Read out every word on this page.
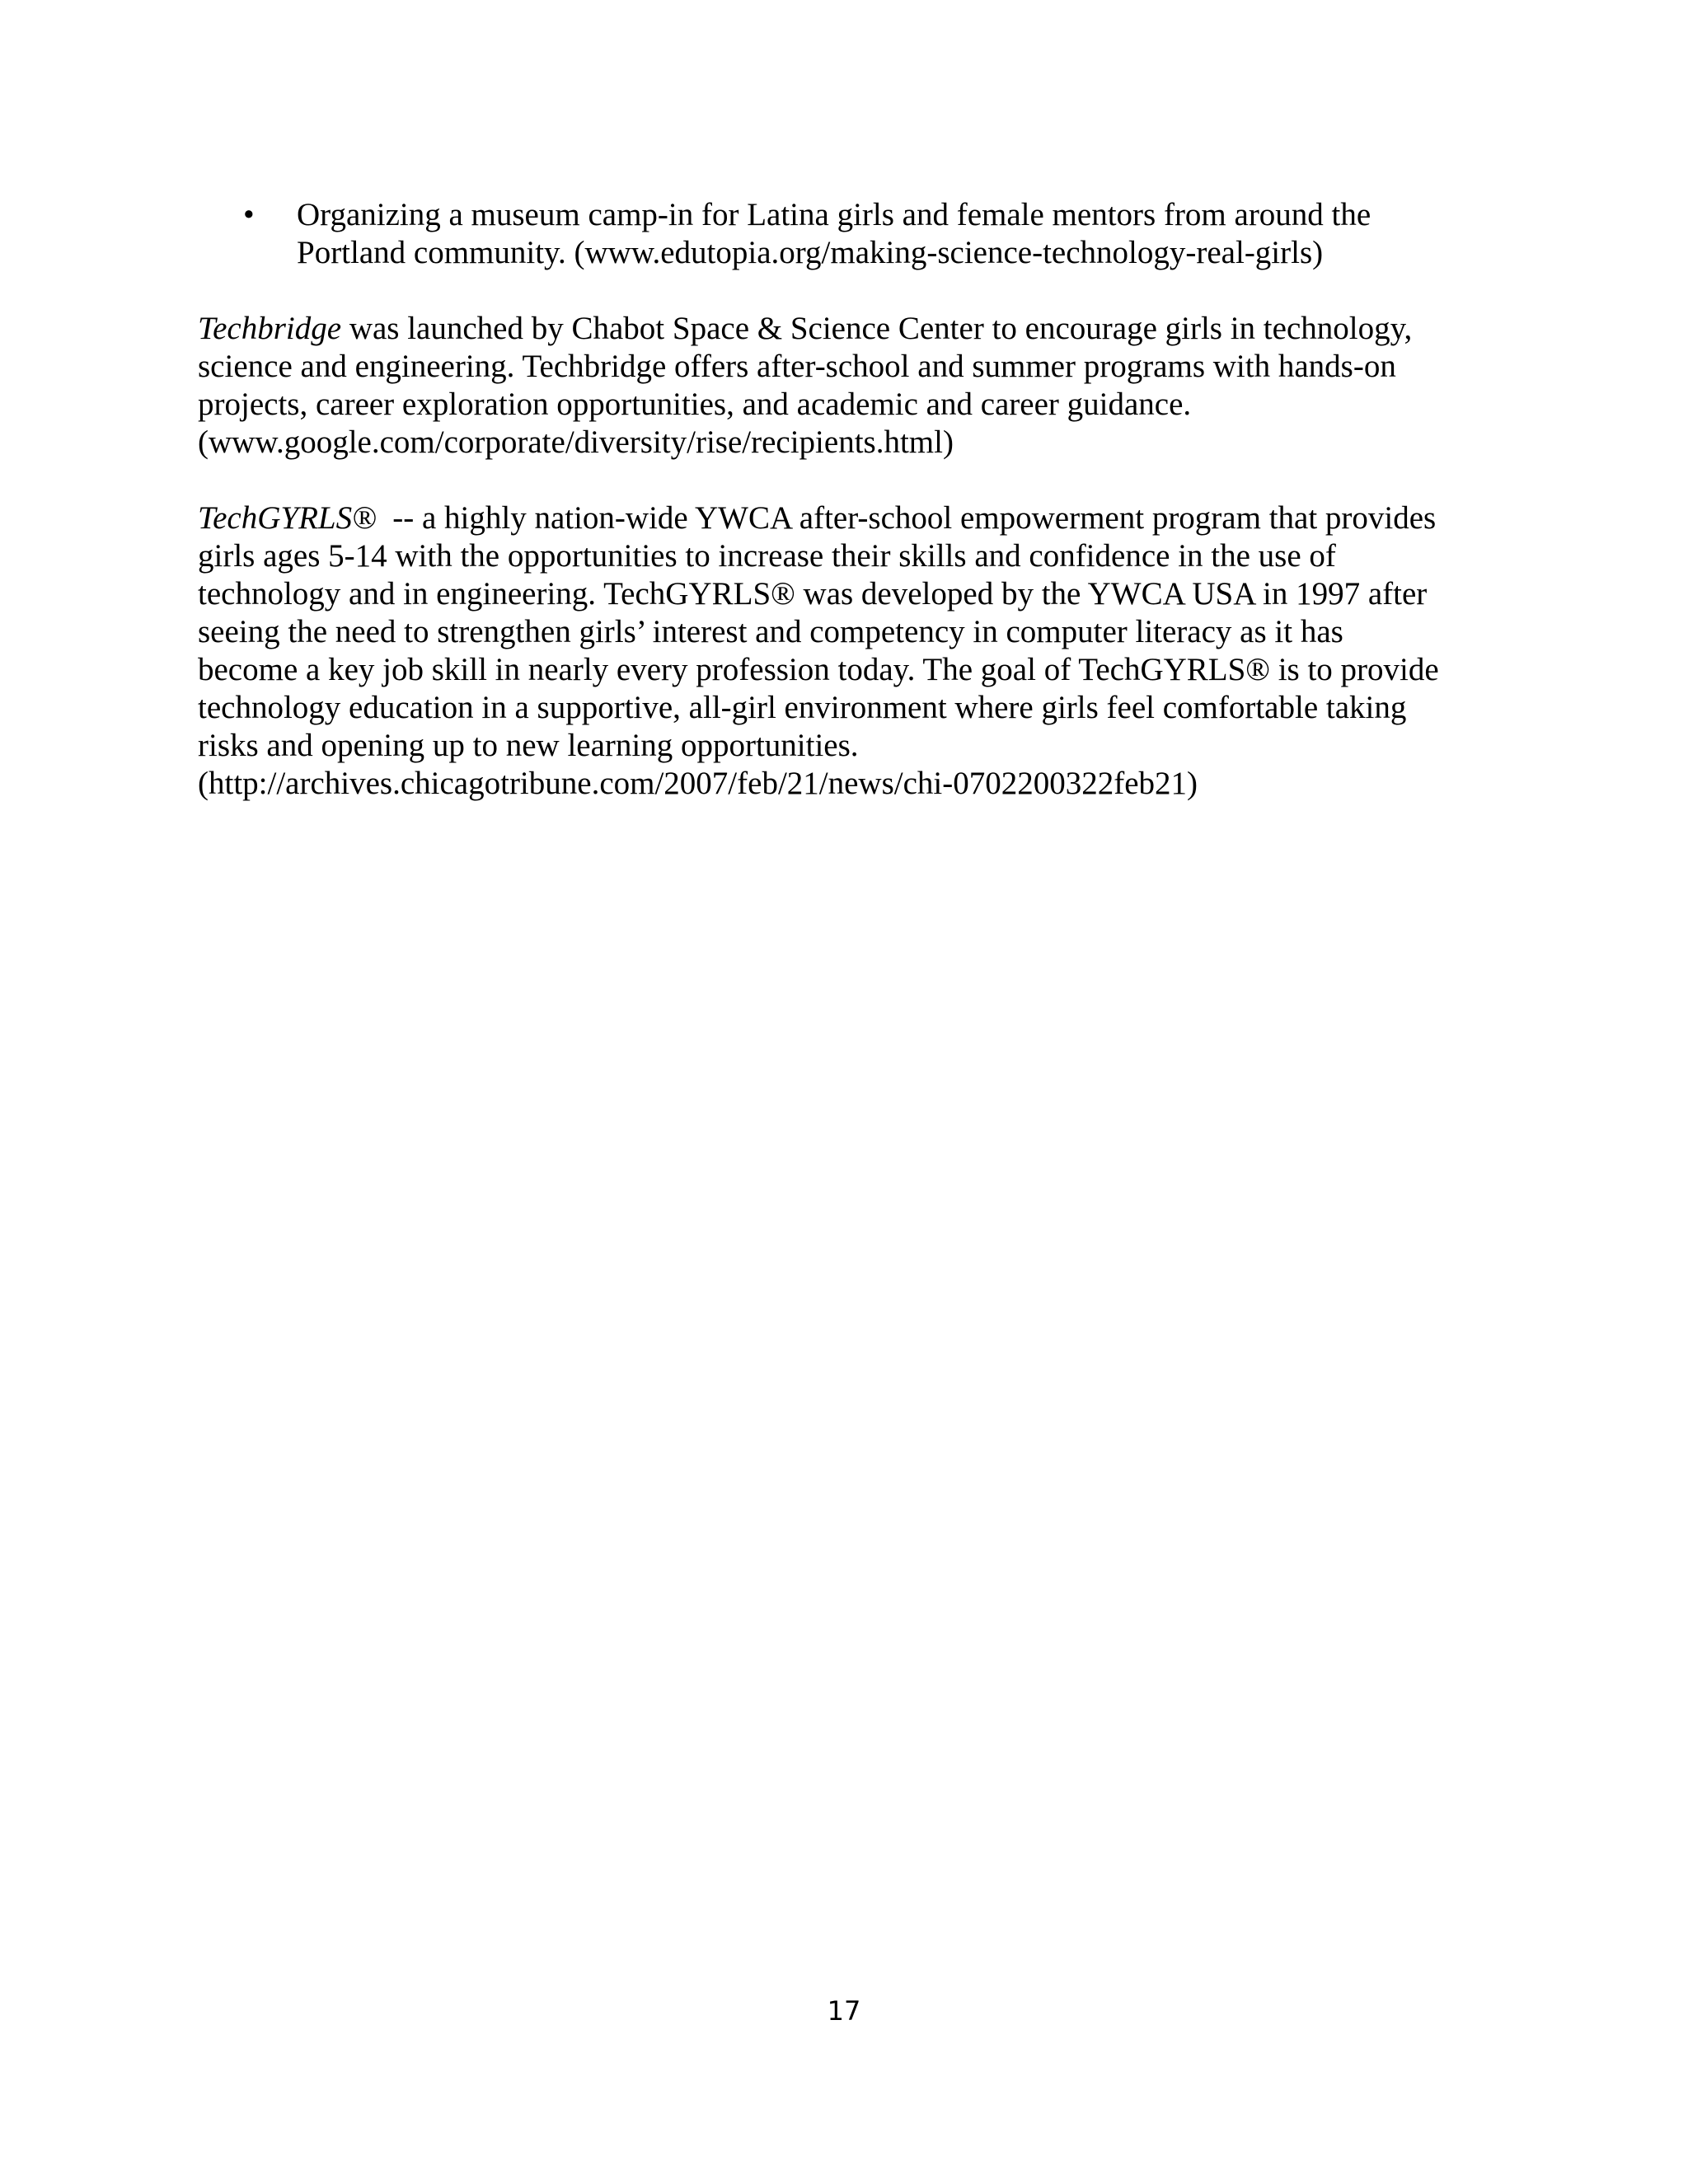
• Organizing a museum camp-in for Latina girls and female mentors from around the
Portland community. (www.edutopia.org/making-science-technology-real-girls)

Techbridge was launched by Chabot Space & Science Center to encourage girls in technology,
science and engineering. Techbridge offers after-school and summer programs with hands-on
projects, career exploration opportunities, and academic and career guidance.
(www.google.com/corporate/diversity/rise/recipients.html)

TechGYRLS®  -- a highly nation-wide YWCA after-school empowerment program that provides
girls ages 5-14 with the opportunities to increase their skills and confidence in the use of
technology and in engineering. TechGYRLS® was developed by the YWCA USA in 1997 after
seeing the need to strengthen girls’ interest and competency in computer literacy as it has
become a key job skill in nearly every profession today. The goal of TechGYRLS® is to provide
technology education in a supportive, all-girl environment where girls feel comfortable taking
risks and opening up to new learning opportunities.
(http://archives.chicagotribune.com/2007/feb/21/news/chi-0702200322feb21)

17
